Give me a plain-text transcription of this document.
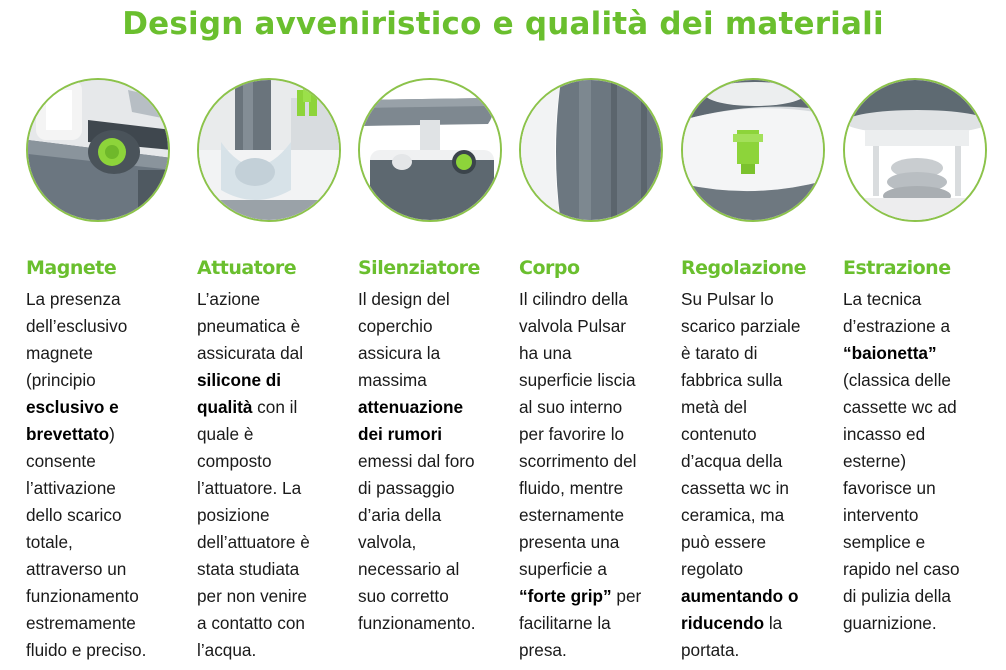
Design avveniristico e qualità dei materiali
Magnete
La presenza
dell’esclusivo
magnete
(principio
esclusivo e
brevettato)
consente
l’attivazione
dello scarico
totale,
attraverso un
funzionamento
estremamente
fluido e preciso.
Attuatore
L’azione
pneumatica è
assicurata dal
silicone di
qualità con il
quale è
composto
l’attuatore. La
posizione
dell’attuatore è
stata studiata
per non venire
a contatto con
l’acqua.
Silenziatore
Il design del
coperchio
assicura la
massima
attenuazione
dei rumori
emessi dal foro
di passaggio
d’aria della
valvola,
necessario al
suo corretto
funzionamento.
Corpo
Il cilindro della
valvola Pulsar
ha una
superficie liscia
al suo interno
per favorire lo
scorrimento del
fluido, mentre
esternamente
presenta una
superficie a
“forte grip” per
facilitarne la
presa.
Regolazione
Su Pulsar lo
scarico parziale
è tarato di
fabbrica sulla
metà del
contenuto
d’acqua della
cassetta wc in
ceramica, ma
può essere
regolato
aumentando o
riducendo la
portata.
Estrazione
La tecnica
d’estrazione a
“baionetta”
(classica delle
cassette wc ad
incasso ed
esterne)
favorisce un
intervento
semplice e
rapido nel caso
di pulizia della
guarnizione.
